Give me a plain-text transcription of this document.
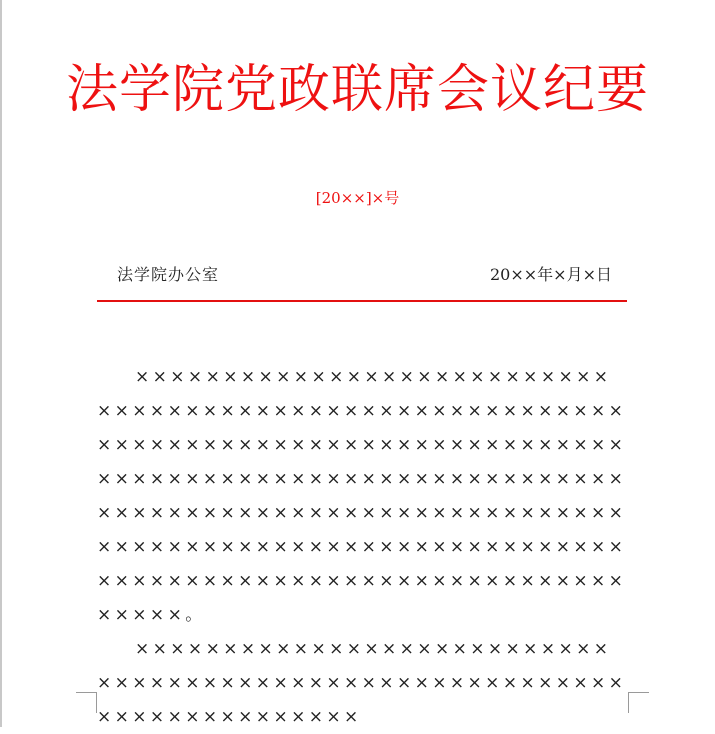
法学院党政联席会议纪要
[20××]×号
法学院办公室	20××年×月×日

××××××××××××××××××××××××××××××××××××××××××××××××××××××××××××××××××××××××××××××××××××××××××××××××××××××××××××××××××××××××××××××××××××××××××××××××××××××××××××××××××××××××××××××××××××××××××××××××××××××××××××××××××××。

××××××××××××××××××××××××××××××××××××××××××××××××××××××××××××××××××××××××
